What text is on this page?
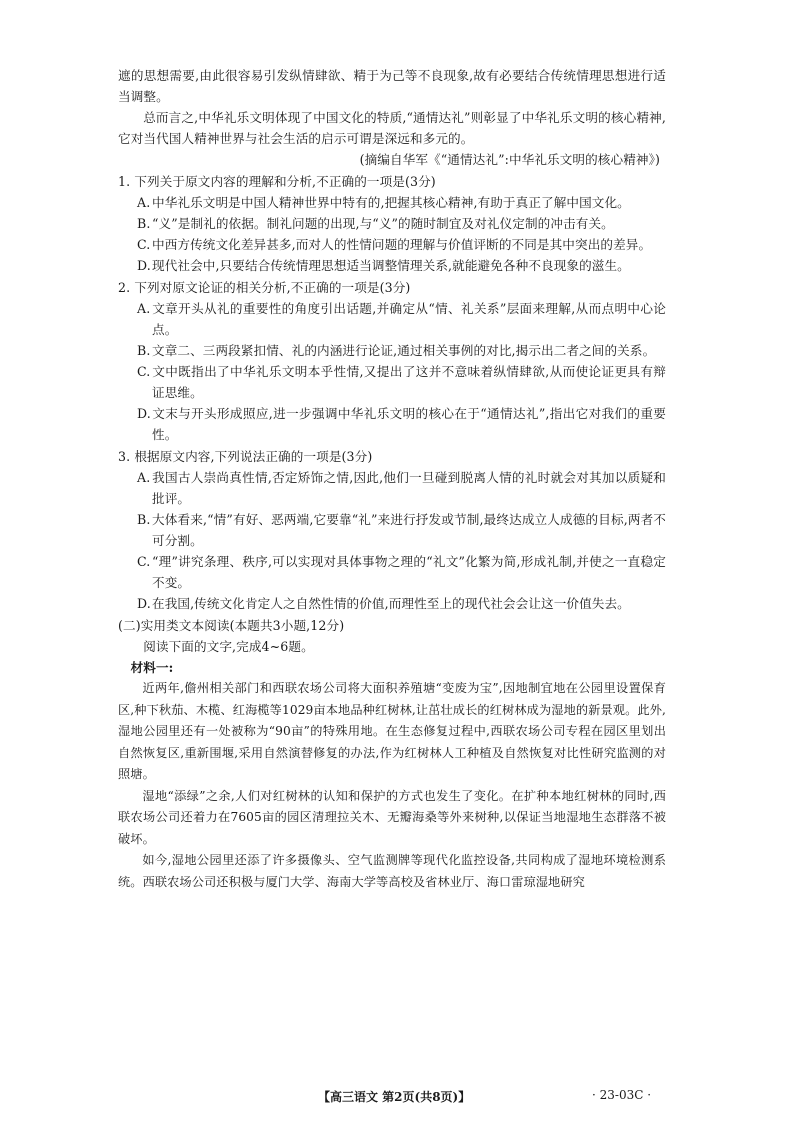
遮的思想需要,由此很容易引发纵情肆欲、精于为己等不良现象,故有必要结合传统情理思想进行适当调整。

总而言之,中华礼乐文明体现了中国文化的特质,“通情达礼”则彰显了中华礼乐文明的核心精神,它对当代国人精神世界与社会生活的启示可谓是深远和多元的。

(摘编自华军《“通情达礼”:中华礼乐文明的核心精神》)

1. 下列关于原文内容的理解和分析,不正确的一项是(3分)

A. 中华礼乐文明是中国人精神世界中特有的,把握其核心精神,有助于真正了解中国文化。

B. “义”是制礼的依据。制礼问题的出现,与“义”的随时制宜及对礼仪定制的冲击有关。

C. 中西方传统文化差异甚多,而对人的性情问题的理解与价值评断的不同是其中突出的差异。

D.现代社会中,只要结合传统情理思想适当调整情理关系,就能避免各种不良现象的滋生。

2. 下列对原文论证的相关分析,不正确的一项是(3分)

A. 文章开头从礼的重要性的角度引出话题,并确定从“情、礼关系”层面来理解,从而点明中心论点。

B. 文章二、三两段紧扣情、礼的内涵进行论证,通过相关事例的对比,揭示出二者之间的关系。

C. 文中既指出了中华礼乐文明本乎性情,又提出了这并不意味着纵情肆欲,从而使论证更具有辩证思维。

D.文末与开头形成照应,进一步强调中华礼乐文明的核心在于“通情达礼”,指出它对我们的重要性。

3. 根据原文内容,下列说法正确的一项是(3分)

A. 我国古人崇尚真性情,否定矫饰之情,因此,他们一旦碰到脱离人情的礼时就会对其加以质疑和批评。

B. 大体看来,“情”有好、恶两端,它要靠“礼”来进行抒发或节制,最终达成立人成德的目标,两者不可分割。

C. “理”讲究条理、秩序,可以实现对具体事物之理的“礼文”化繁为简,形成礼制,并使之一直稳定不变。

D.在我国,传统文化肯定人之自然性情的价值,而理性至上的现代社会会让这一价值失去。

(二)实用类文本阅读(本题共3小题,12分)

阅读下面的文字,完成4~6题。

材料一:

近两年,儋州相关部门和西联农场公司将大面积养殖塘“变废为宝”,因地制宜地在公园里设置保育区,种下秋茄、木榄、红海榄等1029亩本地品种红树林,让茁壮成长的红树林成为湿地的新景观。此外,湿地公园里还有一处被称为“90亩”的特殊用地。在生态修复过程中,西联农场公司专程在园区里划出自然恢复区,重新围堰,采用自然演替修复的办法,作为红树林人工种植及自然恢复对比性研究监测的对照塘。

湿地“添绿”之余,人们对红树林的认知和保护的方式也发生了变化。在扩种本地红树林的同时,西联农场公司还着力在7605亩的园区清理拉关木、无瓣海桑等外来树种,以保证当地湿地生态群落不被破坏。

如今,湿地公园里还添了许多摄像头、空气监测牌等现代化监控设备,共同构成了湿地环境检测系统。西联农场公司还积极与厦门大学、海南大学等高校及省林业厅、海口雷琼湿地研究

【高三语文 第2页(共8页)】	· 23-03C ·
